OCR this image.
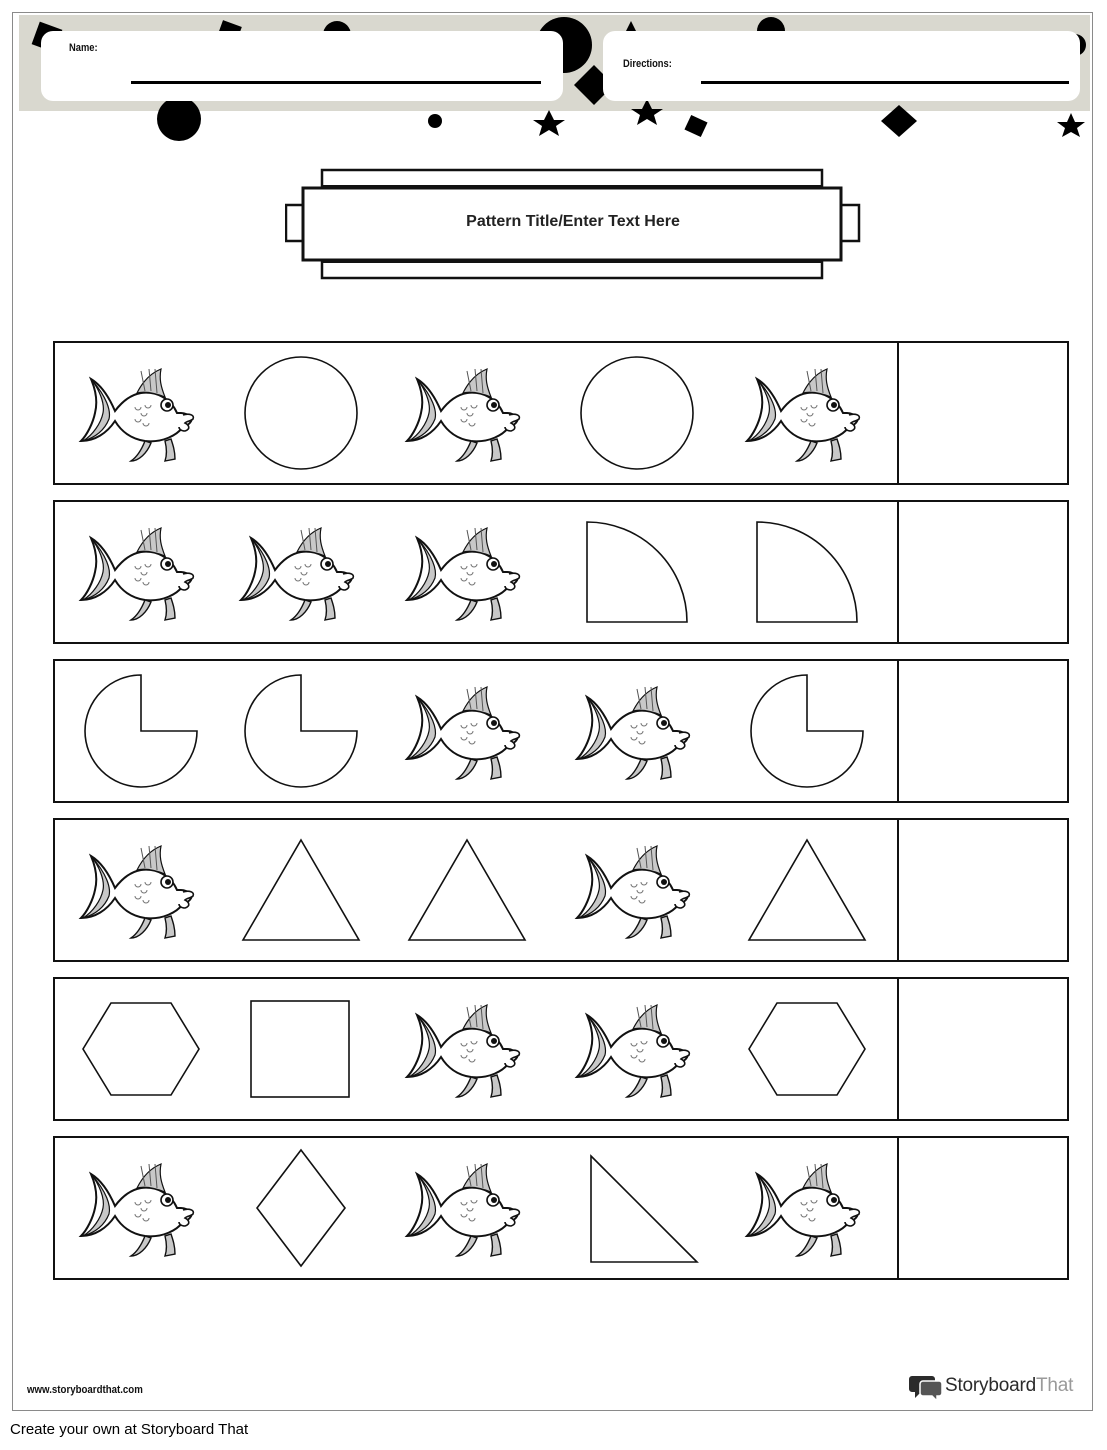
Name:
Directions:
Pattern Title/Enter Text Here
www.storyboardthat.com	StoryboardThat
Create your own at Storyboard That
